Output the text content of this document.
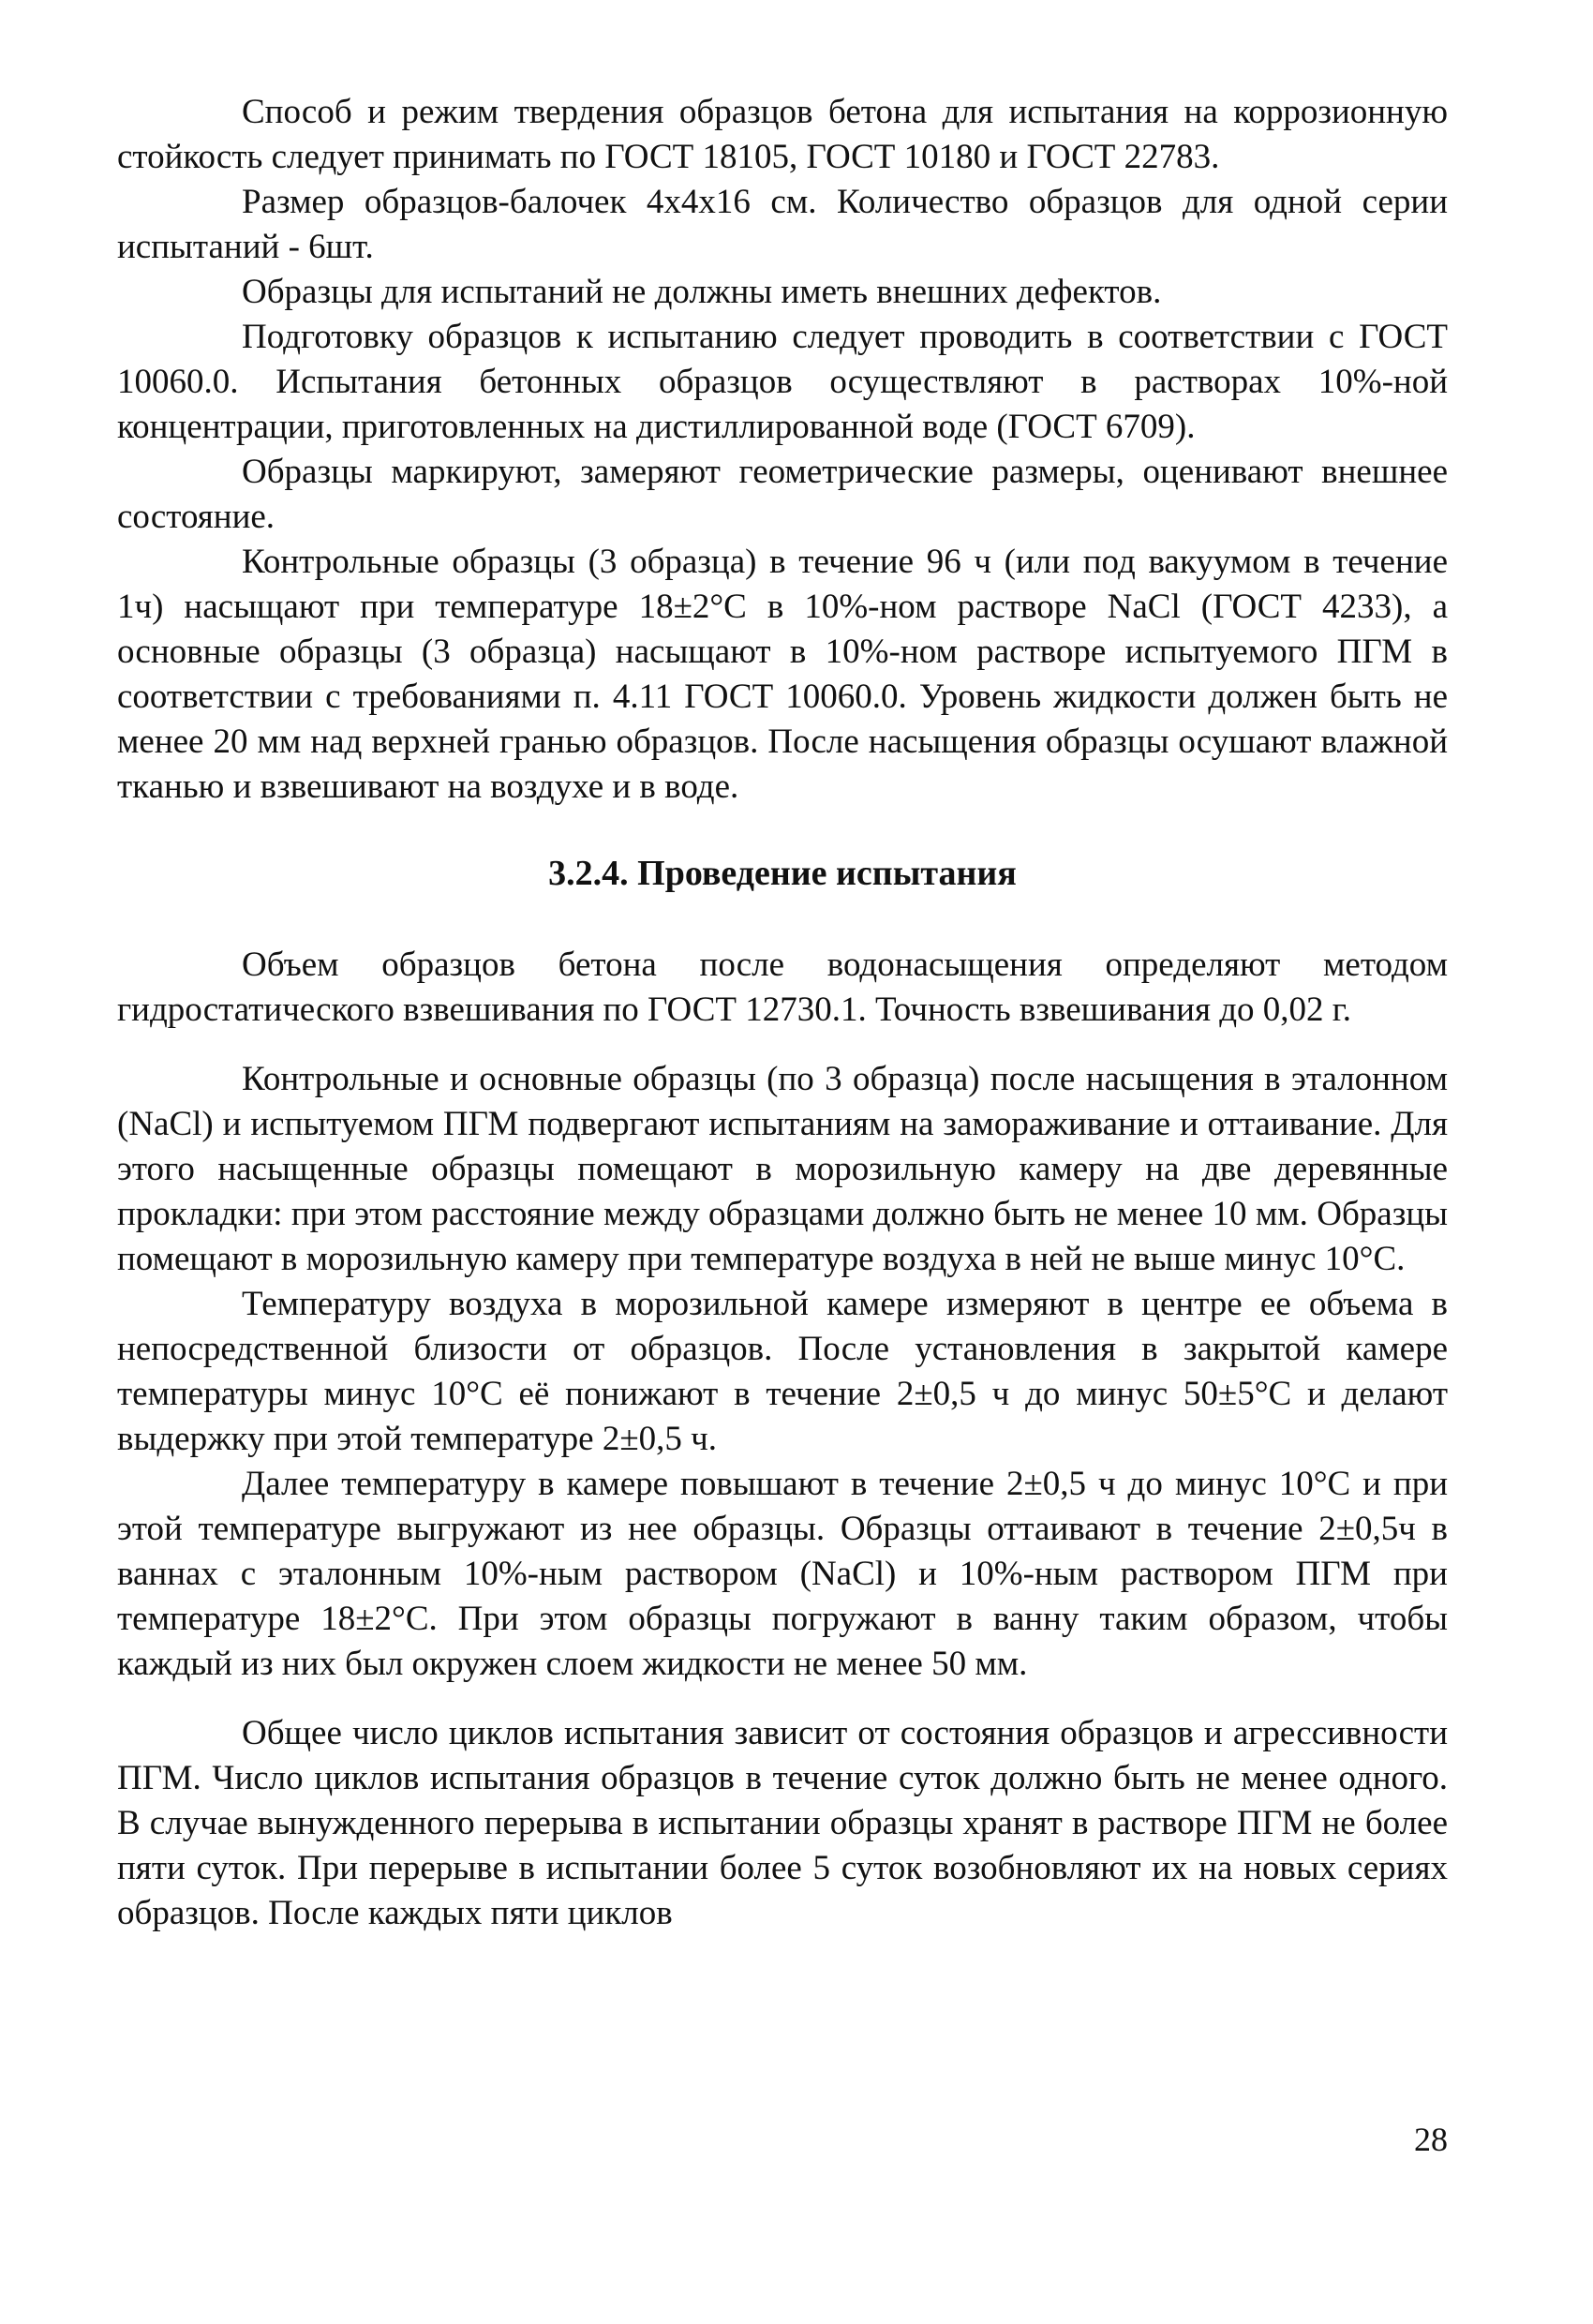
Способ и режим твердения образцов бетона для испытания на коррозионную стойкость следует принимать по ГОСТ 18105, ГОСТ 10180 и ГОСТ 22783.

Размер образцов-балочек 4х4х16 см. Количество образцов для одной серии испытаний - 6шт.

Образцы для испытаний не должны иметь внешних дефектов.

Подготовку образцов к испытанию следует проводить в соответствии с ГОСТ 10060.0. Испытания бетонных образцов осуществляют в растворах 10%-ной концентрации, приготовленных на дистиллированной воде (ГОСТ 6709).

Образцы маркируют, замеряют геометрические размеры, оценивают внешнее состояние.

Контрольные образцы (3 образца) в течение 96 ч (или под вакуумом в течение 1ч) насыщают при температуре 18±2°С в 10%-ном растворе NaCl (ГОСТ 4233), а основные образцы (3 образца) насыщают в 10%-ном растворе испытуемого ПГМ в соответствии с требованиями п. 4.11 ГОСТ 10060.0. Уровень жидкости должен быть не менее 20 мм над верхней гранью образцов. После насыщения образцы осушают влажной тканью и взвешивают на воздухе и в воде.

3.2.4. Проведение испытания

Объем образцов бетона после водонасыщения определяют методом гидростатического взвешивания по ГОСТ 12730.1. Точность взвешивания до 0,02 г.

Контрольные и основные образцы (по 3 образца) после насыщения в эталонном (NaCl) и испытуемом ПГМ подвергают испытаниям на замораживание и оттаивание. Для этого насыщенные образцы помещают в морозильную камеру на две деревянные прокладки: при этом расстояние между образцами должно быть не менее 10 мм. Образцы помещают в морозильную камеру при температуре воздуха в ней не выше минус 10°С.

Температуру воздуха в морозильной камере измеряют в центре ее объема в непосредственной близости от образцов. После установления в закрытой камере температуры минус 10°С её понижают в течение 2±0,5 ч до минус 50±5°С и делают выдержку при этой температуре 2±0,5 ч.

Далее температуру в камере повышают в течение 2±0,5 ч до минус 10°С и при этой температуре выгружают из нее образцы. Образцы оттаивают в течение 2±0,5ч в ваннах с эталонным 10%-ным раствором (NaCl) и 10%-ным раствором ПГМ при температуре 18±2°С. При этом образцы погружают в ванну таким образом, чтобы каждый из них был окружен слоем жидкости не менее 50 мм.

Общее число циклов испытания зависит от состояния образцов и агрессивности ПГМ. Число циклов испытания образцов в течение суток должно быть не менее одного. В случае вынужденного перерыва в испытании образцы хранят в растворе ПГМ не более пяти суток. При перерыве в испытании более 5 суток возобновляют их на новых сериях образцов. После каждых пяти циклов

28
